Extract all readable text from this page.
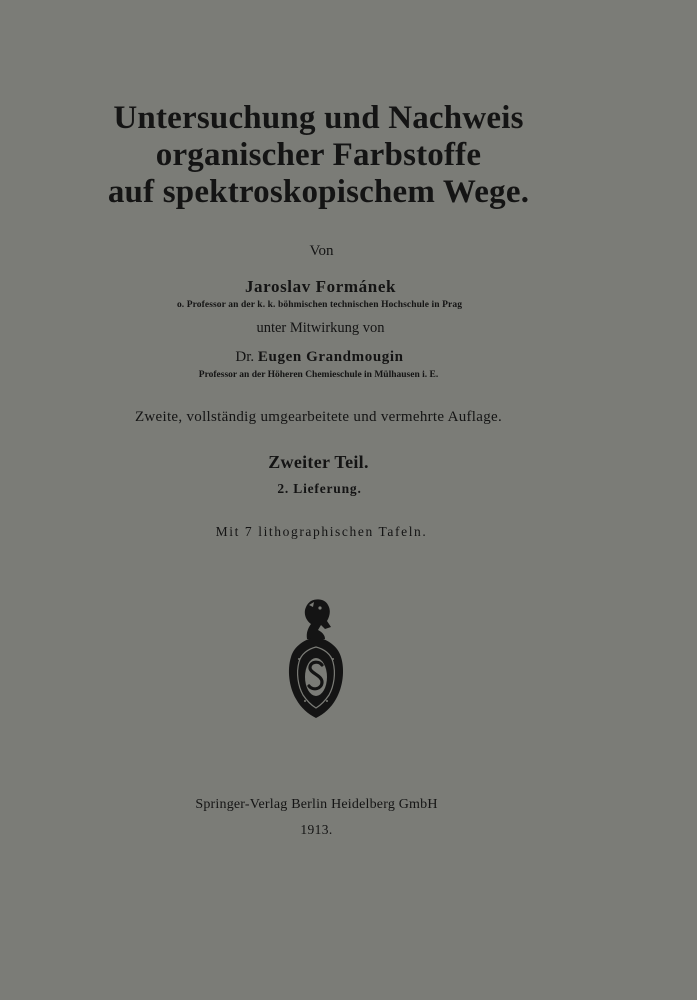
Untersuchung und Nachweis
organischer Farbstoffe
auf spektroskopischem Wege.
Von
Jaroslav Formánek
o. Professor an der k. k. böhmischen technischen Hochschule in Prag
unter Mitwirkung von
Dr. Eugen Grandmougin
Professor an der Höheren Chemieschule in Mülhausen i. E.
Zweite, vollständig umgearbeitete und vermehrte Auflage.
Zweiter Teil.
2. Lieferung.
Mit 7 lithographischen Tafeln.
Springer-Verlag Berlin Heidelberg GmbH
1913.
